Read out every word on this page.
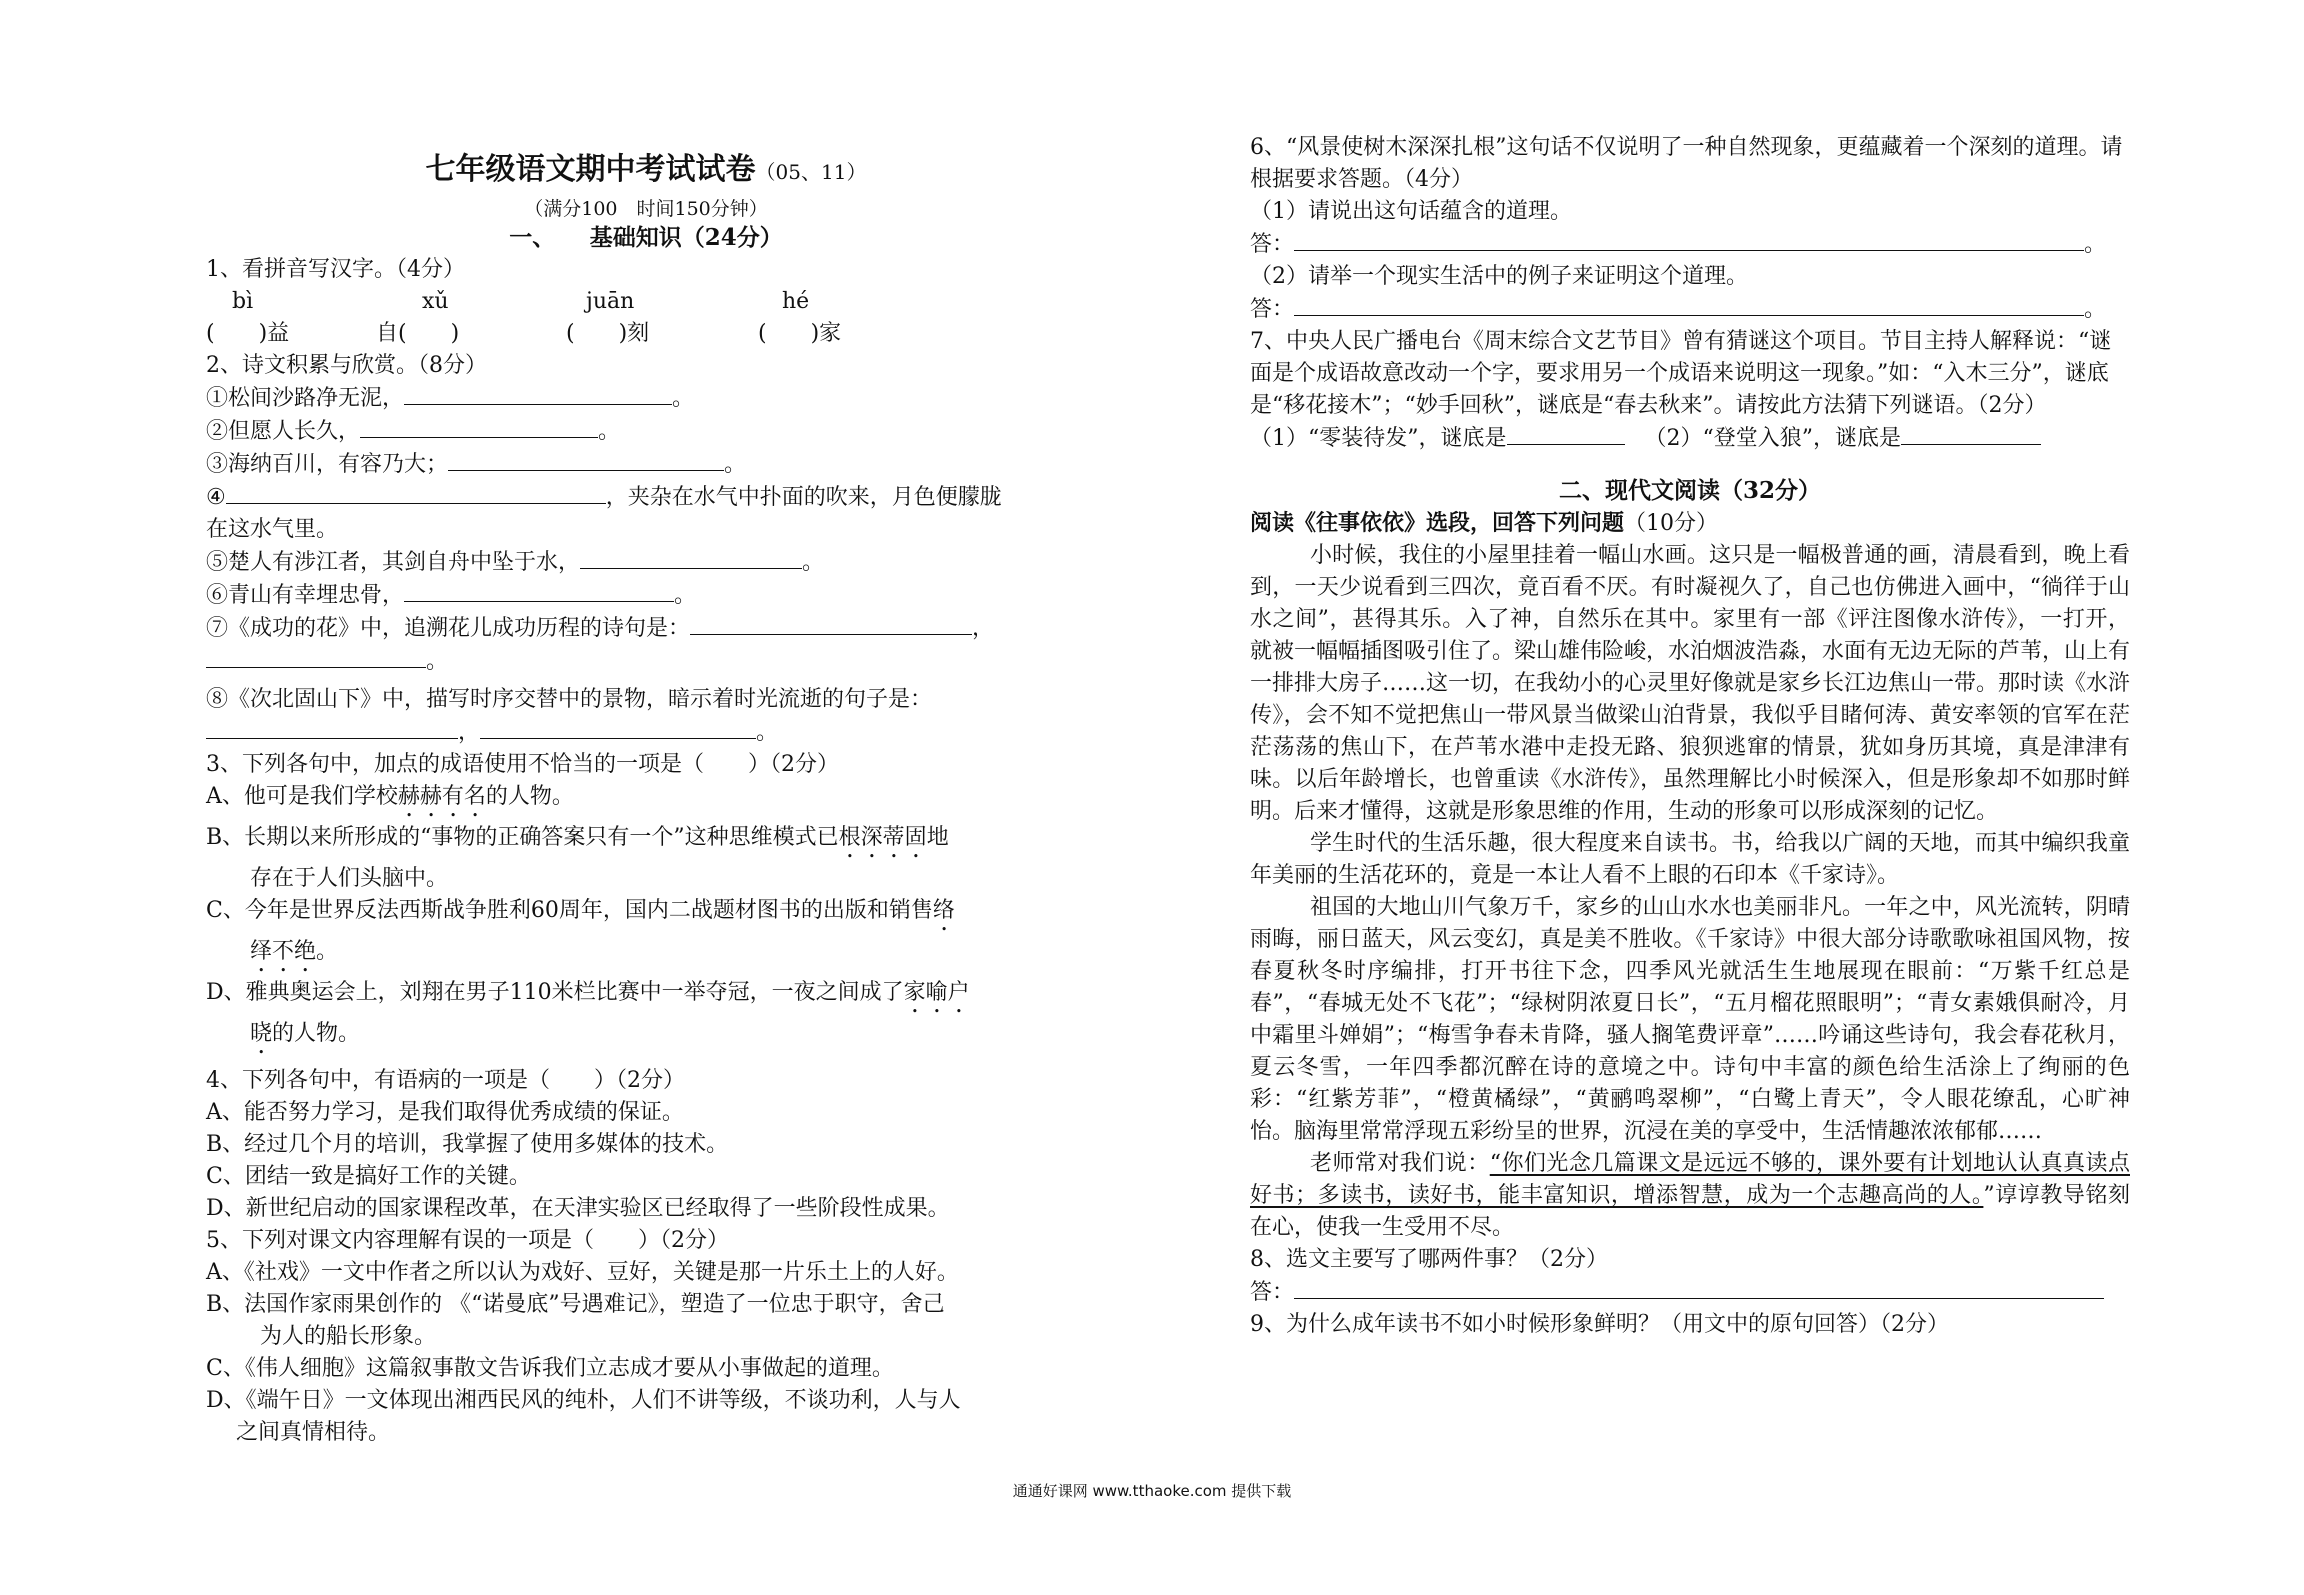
七年级语文期中考试试卷（05、11）
（满分100　时间150分钟）
一、　　基础知识（24分）
1、看拼音写汉字。（4分）
bì	xǔ	juān	hé
(　　)益	自(　　)	(　　)刻	(　　)家
2、诗文积累与欣赏。（8分）
①松间沙路净无泥，	。
②但愿人长久，	。
③海纳百川，有容乃大；	。
④	，夹杂在水气中扑面的吹来，月色便朦胧
在这水气里。
⑤楚人有涉江者，其剑自舟中坠于水，	。
⑥青山有幸埋忠骨，	。
⑦《成功的花》中，追溯花儿成功历程的诗句是：	，
。
⑧《次北固山下》中，描写时序交替中的景物，暗示着时光流逝的句子是：
，	。
3、下列各句中，加点的成语使用不恰当的一项是（　　）（2分）
A、他可是我们学校赫赫有名的人物。
B、长期以来所形成的“事物的正确答案只有一个”这种思维模式已根深蒂固地
存在于人们头脑中。
C、今年是世界反法西斯战争胜利60周年，国内二战题材图书的出版和销售络
绎不绝。
D、雅典奥运会上，刘翔在男子110米栏比赛中一举夺冠，一夜之间成了家喻户
晓的人物。
4、下列各句中，有语病的一项是（　　）（2分）
A、能否努力学习，是我们取得优秀成绩的保证。
B、经过几个月的培训，我掌握了使用多媒体的技术。
C、团结一致是搞好工作的关键。
D、新世纪启动的国家课程改革，在天津实验区已经取得了一些阶段性成果。
5、下列对课文内容理解有误的一项是（　　）（2分）
A、《社戏》一文中作者之所以认为戏好、豆好，关键是那一片乐土上的人好。
B、法国作家雨果创作的 《“诺曼底”号遇难记》，塑造了一位忠于职守，舍己
为人的船长形象。
C、《伟人细胞》这篇叙事散文告诉我们立志成才要从小事做起的道理。
D、《端午日》一文体现出湘西民风的纯朴，人们不讲等级，不谈功利，人与人
之间真情相待。
6、“风景使树木深深扎根”这句话不仅说明了一种自然现象，更蕴藏着一个深刻的道理。请根据要求答题。（4分）
（1）请说出这句话蕴含的道理。
答：	。
（2）请举一个现实生活中的例子来证明这个道理。
答：	。
7、中央人民广播电台《周末综合文艺节目》曾有猜谜这个项目。节目主持人解释说：“谜面是个成语故意改动一个字，要求用另一个成语来说明这一现象。”如：“入木三分”，谜底是“移花接木”；“妙手回秋”，谜底是“春去秋来”。请按此方法猜下列谜语。（2分）
（1）“零装待发”，谜底是	（2）“登堂入狼”，谜底是
二、现代文阅读（32分）
阅读《往事依依》选段，回答下列问题（10分）
小时候，我住的小屋里挂着一幅山水画。这只是一幅极普通的画，清晨看到，晚上看到，一天少说看到三四次，竟百看不厌。有时凝视久了，自己也仿佛进入画中，“徜徉于山水之间”，甚得其乐。入了神，自然乐在其中。家里有一部《评注图像水浒传》，一打开，就被一幅幅插图吸引住了。梁山雄伟险峻，水泊烟波浩淼，水面有无边无际的芦苇，山上有一排排大房子……这一切，在我幼小的心灵里好像就是家乡长江边焦山一带。那时读《水浒传》，会不知不觉把焦山一带风景当做梁山泊背景，我似乎目睹何涛、黄安率领的官军在茫茫荡荡的焦山下，在芦苇水港中走投无路、狼狈逃窜的情景，犹如身历其境，真是津津有味。以后年龄增长，也曾重读《水浒传》，虽然理解比小时候深入，但是形象却不如那时鲜明。后来才懂得，这就是形象思维的作用，生动的形象可以形成深刻的记忆。
学生时代的生活乐趣，很大程度来自读书。书，给我以广阔的天地，而其中编织我童年美丽的生活花环的，竟是一本让人看不上眼的石印本《千家诗》。
祖国的大地山川气象万千，家乡的山山水水也美丽非凡。一年之中，风光流转，阴晴雨晦，丽日蓝天，风云变幻，真是美不胜收。《千家诗》中很大部分诗歌歌咏祖国风物，按春夏秋冬时序编排，打开书往下念，四季风光就活生生地展现在眼前：“万紫千红总是春”，“春城无处不飞花”；“绿树阴浓夏日长”，“五月榴花照眼明”；“青女素娥俱耐冷，月中霜里斗婵娟”；“梅雪争春未肯降，骚人搁笔费评章”……吟诵这些诗句，我会春花秋月，夏云冬雪，一年四季都沉醉在诗的意境之中。诗句中丰富的颜色给生活涂上了绚丽的色彩：“红紫芳菲”，“橙黄橘绿”，“黄鹂鸣翠柳”，“白鹭上青天”，令人眼花缭乱，心旷神怡。脑海里常常浮现五彩纷呈的世界，沉浸在美的享受中，生活情趣浓浓郁郁……
老师常对我们说：“你们光念几篇课文是远远不够的，课外要有计划地认认真真读点好书；多读书，读好书，能丰富知识，增添智慧，成为一个志趣高尚的人。”谆谆教导铭刻在心，使我一生受用不尽。
8、选文主要写了哪两件事？（2分）
答：
9、为什么成年读书不如小时候形象鲜明？（用文中的原句回答）（2分）
通通好课网 www.tthaoke.com 提供下载
